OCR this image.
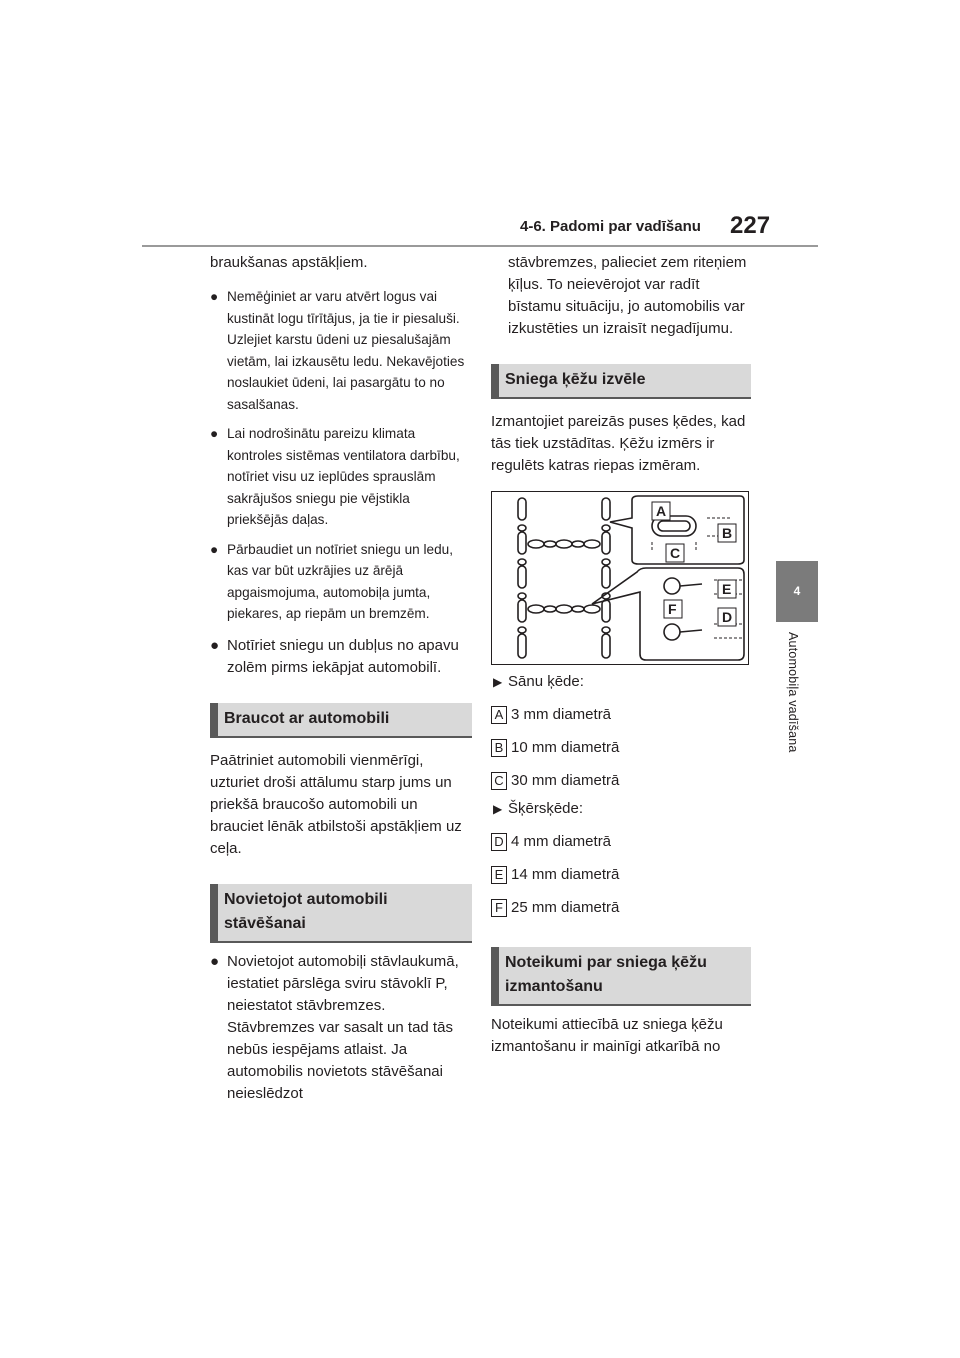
4-6. Padomi par vadīšanu 227
4
Automobiļa vadīšana

braukšanas apstākļiem.

● Nemēģiniet ar varu atvērt logus vai kustināt logu tīrītājus, ja tie ir piesaluši. Uzlejiet karstu ūdeni uz piesalušajām vietām, lai izkausētu ledu. Nekavējoties noslaukiet ūdeni, lai pasargātu to no sasalšanas.
● Lai nodrošinātu pareizu klimata kontroles sistēmas ventilatora darbību, notīriet visu uz ieplūdes sprauslām sakrājušos sniegu pie vējstikla priekšējās daļas.
● Pārbaudiet un notīriet sniegu un ledu, kas var būt uzkrājies uz ārējā apgaismojuma, automobiļa jumta, piekares, ap riepām un bremzēm.
● Notīriet sniegu un dubļus no apavu zolēm pirms iekāpjat automobilī.
Braucot ar automobili

Paātriniet automobili vienmērīgi, uzturiet droši attālumu starp jums un priekšā braucošo automobili un brauciet lēnāk atbilstoši apstākļiem uz ceļa.

Novietojot automobili stāvēšanai
● Novietojot automobiļi stāvlaukumā, iestatiet pārslēga sviru stāvoklī P, neiestatot stāvbremzes. Stāvbremzes var sasalt un tad tās nebūs iespējams atlaist. Ja automobilis novietots stāvēšanai neieslēdzot

stāvbremzes, palieciet zem riteņiem ķīļus. To neievērojot var radīt bīstamu situāciju, jo automobilis var izkustēties un izraisīt negadījumu.

Sniega ķēžu izvēle

Izmantojiet pareizās puses ķēdes, kad tās tiek uzstādītas. Ķēžu izmērs ir regulēts katras riepas izmēram.

A
B
C
E
F	D
▶ Sānu ķēde:
A 3 mm diametrā
B 10 mm diametrā
C 30 mm diametrā
▶ Šķērsķēde:
D 4 mm diametrā
E 14 mm diametrā
F 25 mm diametrā
Noteikumi par sniega ķēžu izmantošanu

Noteikumi attiecībā uz sniega ķēžu izmantošanu ir mainīgi atkarībā no
